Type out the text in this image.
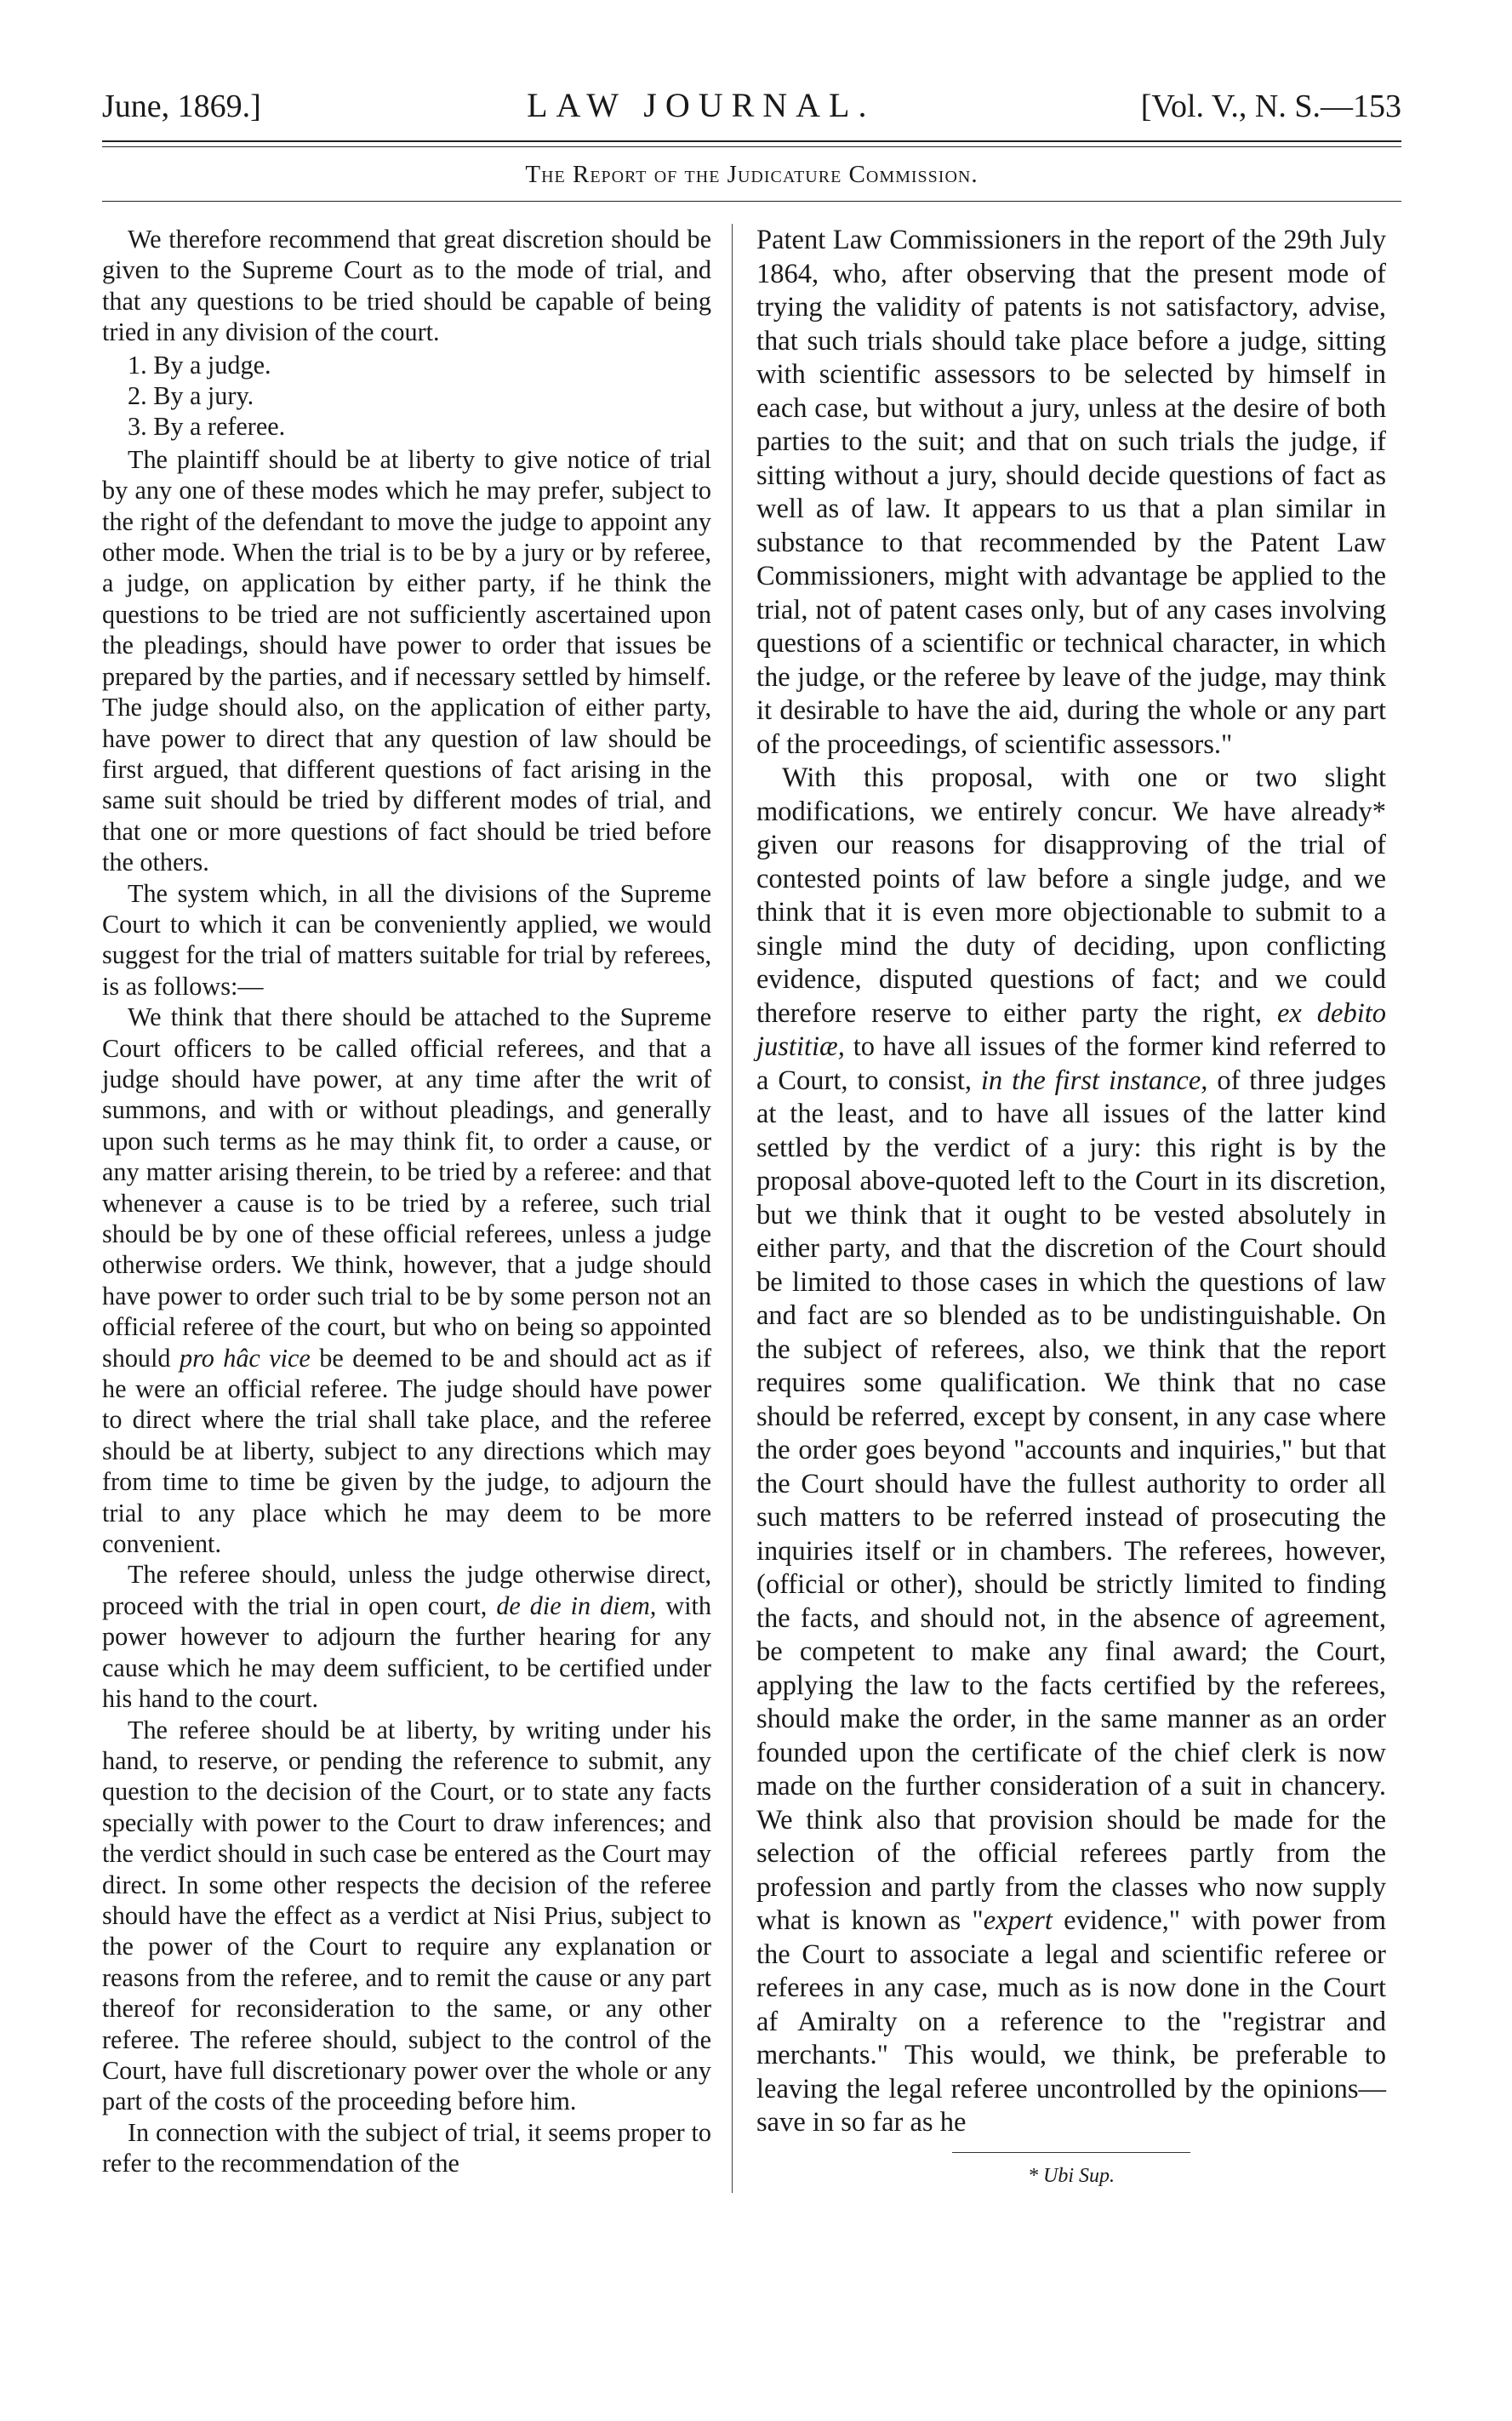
June, 1869.]	LAW JOURNAL.	[Vol. V., N. S.—153
The Report of the Judicature Commission.

We therefore recommend that great discretion should be given to the Supreme Court as to the mode of trial, and that any questions to be tried should be capable of being tried in any division of the court.

1. By a judge.
2. By a jury.
3. By a referee.

The plaintiff should be at liberty to give notice of trial by any one of these modes which he may prefer, subject to the right of the defendant to move the judge to appoint any other mode. When the trial is to be by a jury or by referee, a judge, on application by either party, if he think the questions to be tried are not sufficiently ascertained upon the pleadings, should have power to order that issues be prepared by the parties, and if necessary settled by himself. The judge should also, on the application of either party, have power to direct that any question of law should be first argued, that different questions of fact arising in the same suit should be tried by different modes of trial, and that one or more questions of fact should be tried before the others.

The system which, in all the divisions of the Supreme Court to which it can be conveniently applied, we would suggest for the trial of matters suitable for trial by referees, is as follows:—

We think that there should be attached to the Supreme Court officers to be called official referees, and that a judge should have power, at any time after the writ of summons, and with or without pleadings, and generally upon such terms as he may think fit, to order a cause, or any matter arising therein, to be tried by a referee: and that whenever a cause is to be tried by a referee, such trial should be by one of these official referees, unless a judge otherwise orders. We think, however, that a judge should have power to order such trial to be by some person not an official referee of the court, but who on being so appointed should pro hâc vice be deemed to be and should act as if he were an official referee. The judge should have power to direct where the trial shall take place, and the referee should be at liberty, subject to any directions which may from time to time be given by the judge, to adjourn the trial to any place which he may deem to be more convenient.

The referee should, unless the judge otherwise direct, proceed with the trial in open court, de die in diem, with power however to adjourn the further hearing for any cause which he may deem sufficient, to be certified under his hand to the court.

The referee should be at liberty, by writing under his hand, to reserve, or pending the reference to submit, any question to the decision of the Court, or to state any facts specially with power to the Court to draw inferences; and the verdict should in such case be entered as the Court may direct. In some other respects the decision of the referee should have the effect as a verdict at Nisi Prius, subject to the power of the Court to require any explanation or reasons from the referee, and to remit the cause or any part thereof for reconsideration to the same, or any other referee. The referee should, subject to the control of the Court, have full discretionary power over the whole or any part of the costs of the proceeding before him.

In connection with the subject of trial, it seems proper to refer to the recommendation of the

Patent Law Commissioners in the report of the 29th July 1864, who, after observing that the present mode of trying the validity of patents is not satisfactory, advise, that such trials should take place before a judge, sitting with scientific assessors to be selected by himself in each case, but without a jury, unless at the desire of both parties to the suit; and that on such trials the judge, if sitting without a jury, should decide questions of fact as well as of law. It appears to us that a plan similar in substance to that recommended by the Patent Law Commissioners, might with advantage be applied to the trial, not of patent cases only, but of any cases involving questions of a scientific or technical character, in which the judge, or the referee by leave of the judge, may think it desirable to have the aid, during the whole or any part of the proceedings, of scientific assessors."

With this proposal, with one or two slight modifications, we entirely concur. We have already* given our reasons for disapproving of the trial of contested points of law before a single judge, and we think that it is even more objectionable to submit to a single mind the duty of deciding, upon conflicting evidence, disputed questions of fact; and we could therefore reserve to either party the right, ex debito justitiæ, to have all issues of the former kind referred to a Court, to consist, in the first instance, of three judges at the least, and to have all issues of the latter kind settled by the verdict of a jury: this right is by the proposal above-quoted left to the Court in its discretion, but we think that it ought to be vested absolutely in either party, and that the discretion of the Court should be limited to those cases in which the questions of law and fact are so blended as to be undistinguishable. On the subject of referees, also, we think that the report requires some qualification. We think that no case should be referred, except by consent, in any case where the order goes beyond "accounts and inquiries," but that the Court should have the fullest authority to order all such matters to be referred instead of prosecuting the inquiries itself or in chambers. The referees, however, (official or other), should be strictly limited to finding the facts, and should not, in the absence of agreement, be competent to make any final award; the Court, applying the law to the facts certified by the referees, should make the order, in the same manner as an order founded upon the certificate of the chief clerk is now made on the further consideration of a suit in chancery. We think also that provision should be made for the selection of the official referees partly from the profession and partly from the classes who now supply what is known as "expert evidence," with power from the Court to associate a legal and scientific referee or referees in any case, much as is now done in the Court af Amiralty on a reference to the "registrar and merchants." This would, we think, be preferable to leaving the legal referee uncontrolled by the opinions—save in so far as he

* Ubi Sup.
